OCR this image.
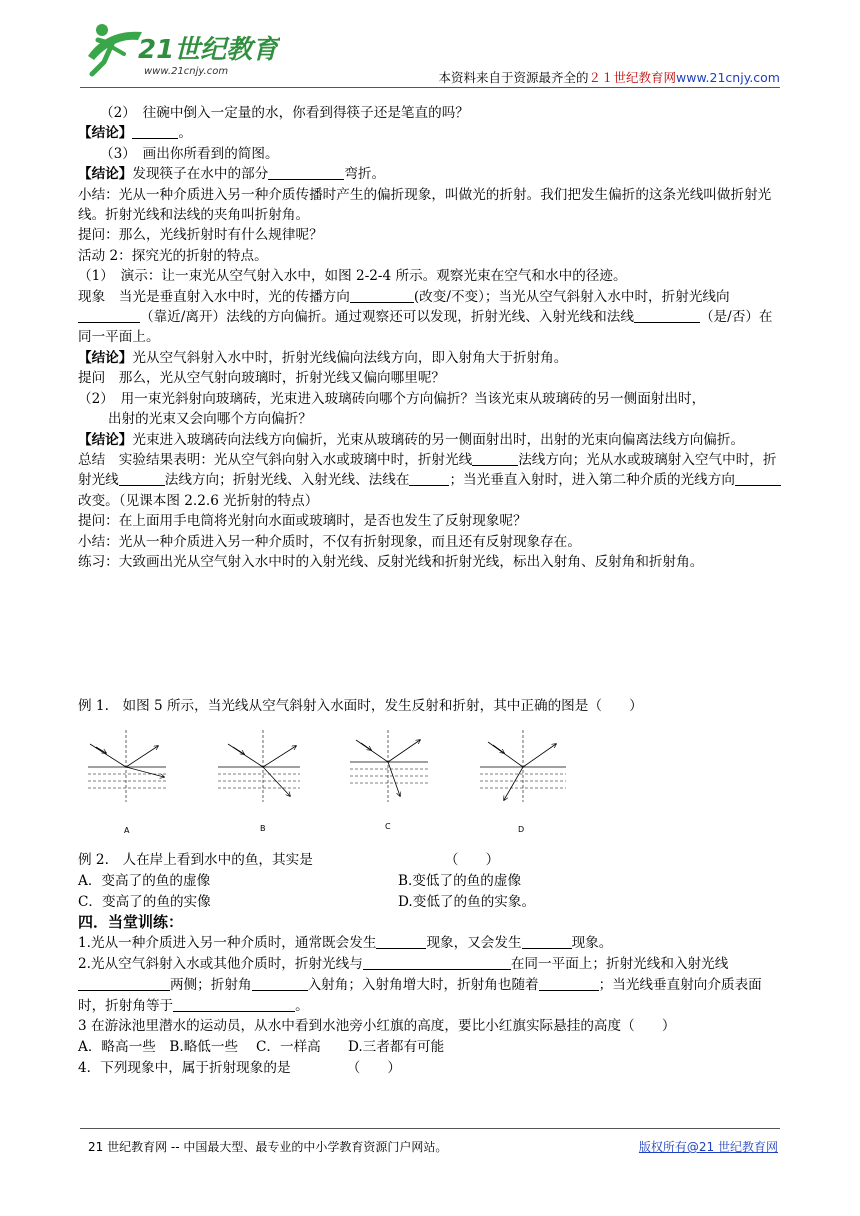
21世纪教育
www.21cnjy.com	本资料来自于资源最齐全的２１世纪教育网www.21cnjy.com

（2）　往碗中倒入一定量的水，你看到得筷子还是笔直的吗？

【结论】	。

（3）　画出你所看到的简图。

【结论】发现筷子在水中的部分	弯折。

小结：光从一种介质进入另一种介质传播时产生的偏折现象，叫做光的折射。我们把发生偏折的这条光线叫做折射光线。折射光线和法线的夹角叫折射角。

提问：那么，光线折射时有什么规律呢？

活动 2：探究光的折射的特点。

（1）　演示：让一束光从空气射入水中，如图 2-2-4 所示。观察光束在空气和水中的径迹。

现象　当光是垂直射入水中时，光的传播方向	(改变/不变）；当光从空气斜射入水中时，折射光线向（靠近/离开）法线的方向偏折。通过观察还可以发现，折射光线、入射光线和法线	（是/否）在同一平面上。

【结论】光从空气斜射入水中时，折射光线偏向法线方向，即入射角大于折射角。

提问　那么，光从空气射向玻璃时，折射光线又偏向哪里呢？

（2）　用一束光斜射向玻璃砖，光束进入玻璃砖向哪个方向偏折？当该光束从玻璃砖的另一侧面射出时，
出射的光束又会向哪个方向偏折？

【结论】光束进入玻璃砖向法线方向偏折，光束从玻璃砖的另一侧面射出时，出射的光束向偏离法线方向偏折。

总结　实验结果表明：光从空气斜向射入水或玻璃中时，折射光线	法线方向；光从水或玻璃射入空气中时，折射光线	法线方向；折射光线、入射光线、法线在	；当光垂直入射时，进入第二种介质的光线方向改变。（见课本图 2.2.6 光折射的特点）

提问：在上面用手电筒将光射向水面或玻璃时，是否也发生了反射现象呢？

小结：光从一种介质进入另一种介质时，不仅有折射现象，而且还有反射现象存在。

练习：大致画出光从空气射入水中时的入射光线、反射光线和折射光线，标出入射角、反射角和折射角。

例 1.　如图 5 所示，当光线从空气斜射入水面时，发生反射和折射，其中正确的图是（　　）
A	B	C	D

例 2.　人在岸上看到水中的鱼，其实是	（　　）

A．变高了的鱼的虚像	B.变低了的鱼的虚像

C．变高了的鱼的实像	D.变低了的鱼的实象。

四．当堂训练：

1.光从一种介质进入另一种介质时，通常既会发生	现象，又会发生	现象。

2.光从空气斜射入水或其他介质时，折射光线与	在同一平面上；折射光线和入射光线两侧；折射角	入射角；入射角增大时，折射角也随着	；当光线垂直射向介质表面时，折射角等于	。

3 在游泳池里潜水的运动员，从水中看到水池旁小红旗的高度，要比小红旗实际悬挂的高度（　　）

A．略高一些　B.略低一些　 C．一样高　　D.三者都有可能

4．下列现象中，属于折射现象的是	（　　）

21 世纪教育网 -- 中国最大型、最专业的中小学教育资源门户网站。	版权所有@21 世纪教育网
